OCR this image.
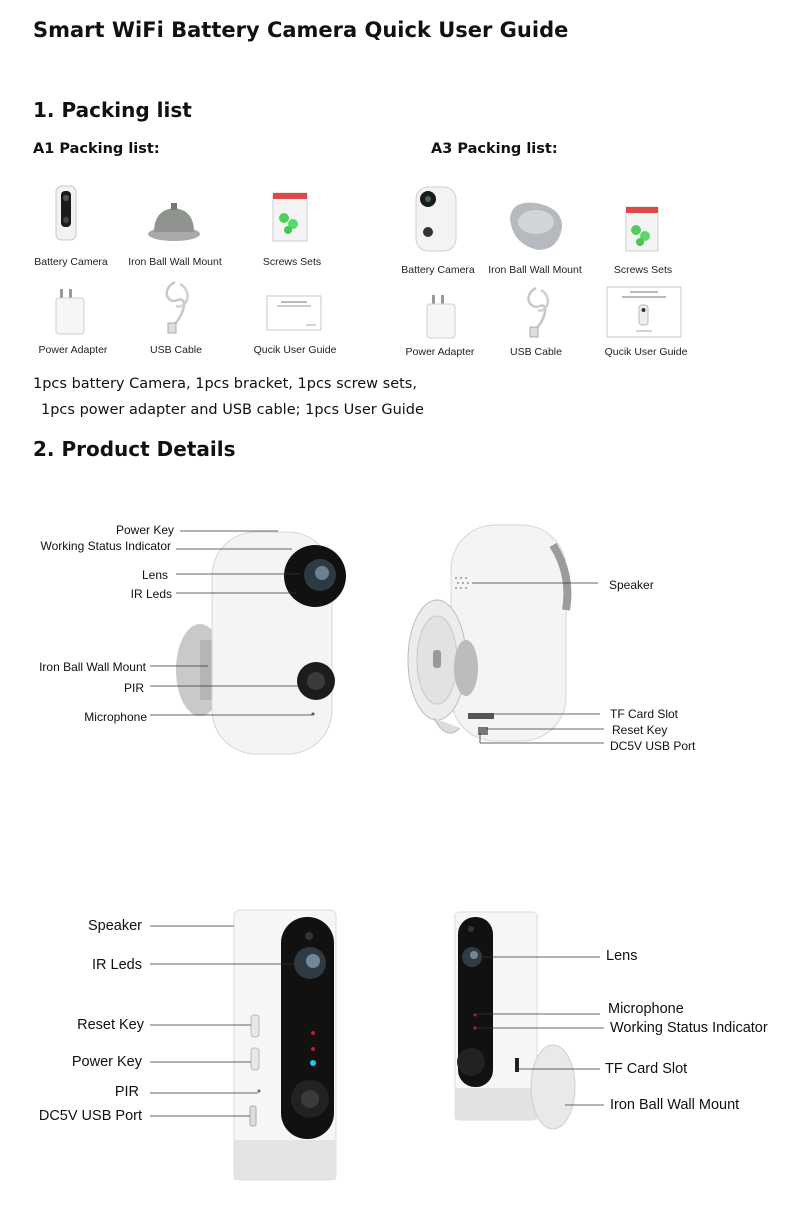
Smart WiFi Battery Camera Quick User Guide
1. Packing list
A1 Packing list:	A3 Packing list:
Battery Camera	Iron Ball Wall Mount	Screws Sets
Power Adapter	USB Cable	Qucik User Guide
Battery Camera	Iron Ball Wall Mount	Screws Sets
Power Adapter	USB Cable	Qucik User Guide
1pcs battery Camera, 1pcs bracket, 1pcs screw sets,
1pcs power adapter and USB cable; 1pcs User Guide
2. Product Details
Power Key
Working Status Indicator
Lens
IR Leds
Iron Ball Wall Mount
PIR
Microphone
Speaker
TF Card Slot
Reset Key
DC5V USB Port
Speaker
IR Leds
Reset Key
Power Key
PIR
DC5V USB Port
Lens
Microphone
Working Status Indicator
TF Card Slot
Iron Ball Wall Mount
